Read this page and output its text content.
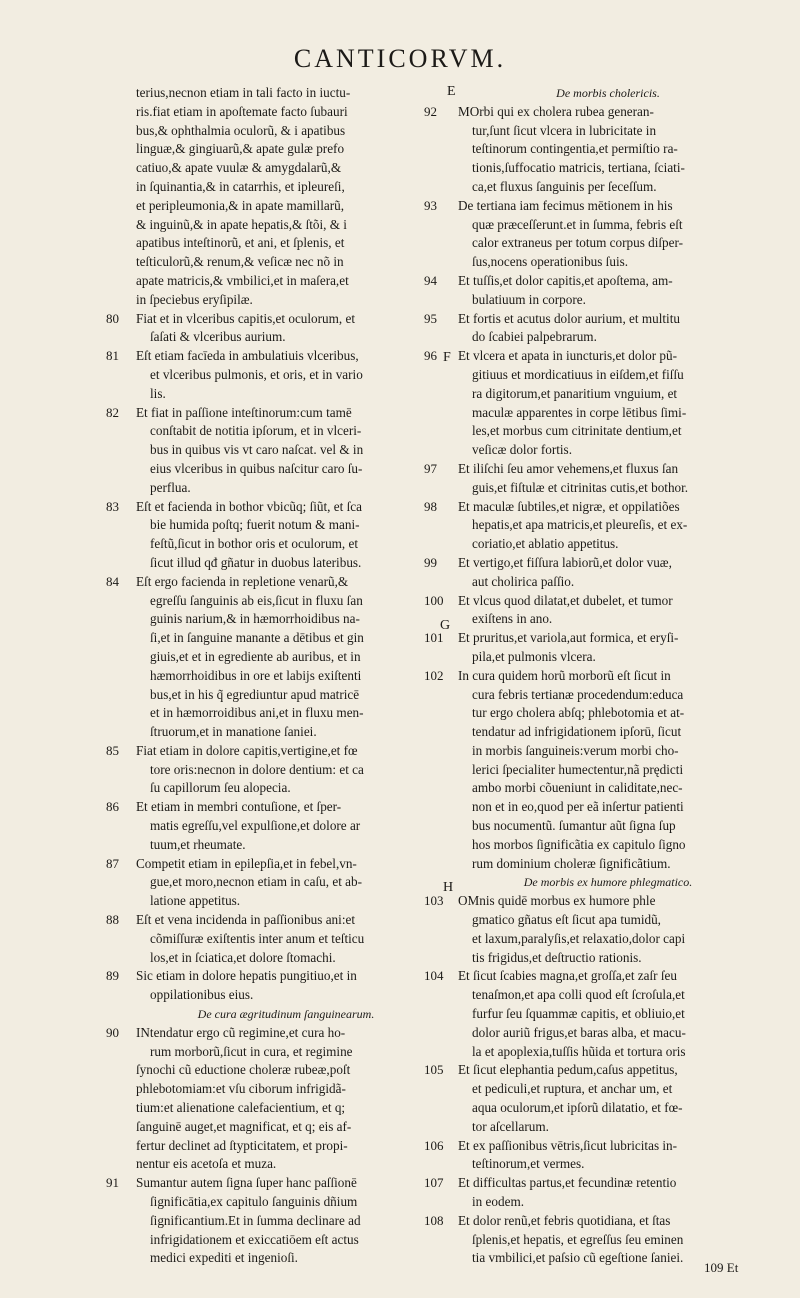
CANTICORVM.
terius,necnon etiam in tali facto in iuctu-
ris.fiat etiam in apoſtemate facto ſubauri
bus,& ophthalmia oculorũ, & i apatibus
linguæ,& gingiuarũ,& apate gulæ prefo
catiuo,& apate vuulæ & amygdalarũ,&
in ſquinantia,& in catarrhis, et ipleureſi,
et peripleumonia,& in apate mamillarũ,
& inguinũ,& in apate hepatis,& ſtõi, & i
apatibus inteſtinorũ, et ani, et ſplenis, et
teſticulorũ,& renum,& veſicæ nec nõ in
apate matricis,& vmbilici,et in maſera,et
in ſpeciebus eryſipilæ.
80	Fiat et in vlceribus capitis,et oculorum, et
ſaſati & vlceribus aurium.
81	Eſt etiam facīeda in ambulatiuis vlceribus,
et vlceribus pulmonis, et oris, et in vario
lis.
82	Et fiat in paſſione inteſtinorum:cum tamē
conſtabit de notitia ipſorum, et in vlceri-
bus in quibus vis vt caro naſcat. vel & in
eius vlceribus in quibus naſcitur caro ſu-
perflua.
83	Eſt et facienda in bothor vbicũq; ſiũt, et ſca
bie humida poſtq; fuerit notum & mani-
feſtũ,ſicut in bothor oris et oculorum, et
ſicut illud qđ gñatur in duobus lateribus.
84	Eſt ergo facienda in repletione venarũ,&
egreſſu ſanguinis ab eis,ſicut in fluxu ſan
guinis narium,& in hæmorrhoidibus na-
ſi,et in ſanguine manante a dētibus et gin
giuis,et et in egrediente ab auribus, et in
hæmorrhoidibus in ore et labijs exiſtenti
bus,et in his q̃ egrediuntur apud matricē
et in hæmorroidibus ani,et in fluxu men-
ſtruorum,et in manatione ſaniei.
85	Fiat etiam in dolore capitis,vertigine,et fœ
tore oris:necnon in dolore dentium: et ca
ſu capillorum ſeu alopecia.
86	Et etiam in membri contuſione, et ſper-
matis egreſſu,vel expulſione,et dolore ar
tuum,et rheumate.
87	Competit etiam in epilepſia,et in febel,vn-
gue,et moro,necnon etiam in caſu, et ab-
latione appetitus.
88	Eſt et vena incidenda in paſſionibus ani:et
cõmiſſuræ exiſtentis inter anum et teſticu
los,et in ſciatica,et dolore ſtomachi.
89	Sic etiam in dolore hepatis pungitiuo,et in
oppilationibus eius.
De cura ægritudinum ſanguinearum.
90	INtendatur ergo cũ regimine,et cura ho-
rum morborũ,ſicut in cura, et regimine
ſynochi cũ eductione choleræ rubeæ,poſt
phlebotomiam:et vſu ciborum infrigidã-
tium:et alienatione calefacientium, et q;
ſanguinē auget,et magnificat, et q; eis af-
fertur declinet ad ſtypticitatem, et propi-
nentur eis acetoſa et muza.
91	Sumantur autem ſigna ſuper hanc paſſionē
ſignificātia,ex capitulo ſanguinis dñium
ſignificantium.Et in ſumma declinare ad
infrigidationem et exiccatiōem eſt actus
medici expediti et ingenioſi.
De morbis cholericis.
92	MOrbi qui ex cholera rubea generan-
tur,ſunt ſicut vlcera in lubricitate in
teſtinorum contingentia,et permiſtio ra-
tionis,ſuffocatio matricis, tertiana, ſciati-
ca,et fluxus ſanguinis per ſeceſſum.
93	De tertiana iam fecimus mētionem in his
quæ præceſſerunt.et in ſumma, febris eſt
calor extraneus per totum corpus diſper-
ſus,nocens operationibus ſuis.
94	Et tuſſis,et dolor capitis,et apoſtema, am-
bulatiuum in corpore.
95	Et fortis et acutus dolor aurium, et multitu
do ſcabiei palpebrarum.
96	Et vlcera et apata in iuncturis,et dolor pũ-
gitiuus et mordicatiuus in eiſdem,et fiſſu
ra digitorum,et panaritium vnguium, et
maculæ apparentes in corpe lētibus ſimi-
les,et morbus cum citrinitate dentium,et
veſicæ dolor fortis.
97	Et iliſchi ſeu amor vehemens,et fluxus ſan
guis,et fiſtulæ et citrinitas cutis,et bothor.
98	Et maculæ ſubtiles,et nigræ, et oppilatiões
hepatis,et apa matricis,et pleureſis, et ex-
coriatio,et ablatio appetitus.
99	Et vertigo,et fiſſura labiorũ,et dolor vuæ,
aut cholirica paſſio.
100	Et vlcus quod dilatat,et dubelet, et tumor
exiſtens in ano.
101	Et pruritus,et variola,aut formica, et eryſi-
pila,et pulmonis vlcera.
102	In cura quidem horũ morborũ eſt ſicut in
cura febris tertianæ procedendum:educa
tur ergo cholera abſq; phlebotomia et at-
tendatur ad infrigidationem ipſorū, ſicut
in morbis ſanguineis:verum morbi cho-
lerici ſpecialiter humectentur,nã prędicti
ambo morbi cõueniunt in caliditate,nec-
non et in eo,quod per eã inſertur patienti
bus nocumentũ. ſumantur aũt ſigna ſup
hos morbos ſignificãtia ex capitulo ſigno
rum dominium choleræ ſignificãtium.
De morbis ex humore phlegmatico.
103	OMnis quidē morbus ex humore phle
gmatico gñatus eſt ſicut apa tumidũ,
et laxum,paralyſis,et relaxatio,dolor capi
tis frigidus,et deſtructio rationis.
104	Et ſicut ſcabies magna,et groſſa,et zaſr ſeu
tenaſmon,et apa colli quod eſt ſcroſula,et
furfur ſeu ſquammæ capitis, et obliuio,et
dolor auriũ frigus,et baras alba, et macu-
la et apoplexia,tuſſis hũida et tortura oris
105	Et ſicut elephantia pedum,caſus appetitus,
et pediculi,et ruptura, et anchar um, et
aqua oculorum,et ipſorũ dilatatio, et fœ-
tor aſcellarum.
106	Et ex paſſionibus vētris,ſicut lubricitas in-
teſtinorum,et vermes.
107	Et difficultas partus,et fecundinæ retentio
in eodem.
108	Et dolor renũ,et febris quotidiana, et ſtas
ſplenis,et hepatis, et egreſſus ſeu eminen
tia vmbilici,et paſsio cũ egeſtione ſaniei.
E
F
G
H
109 Et
